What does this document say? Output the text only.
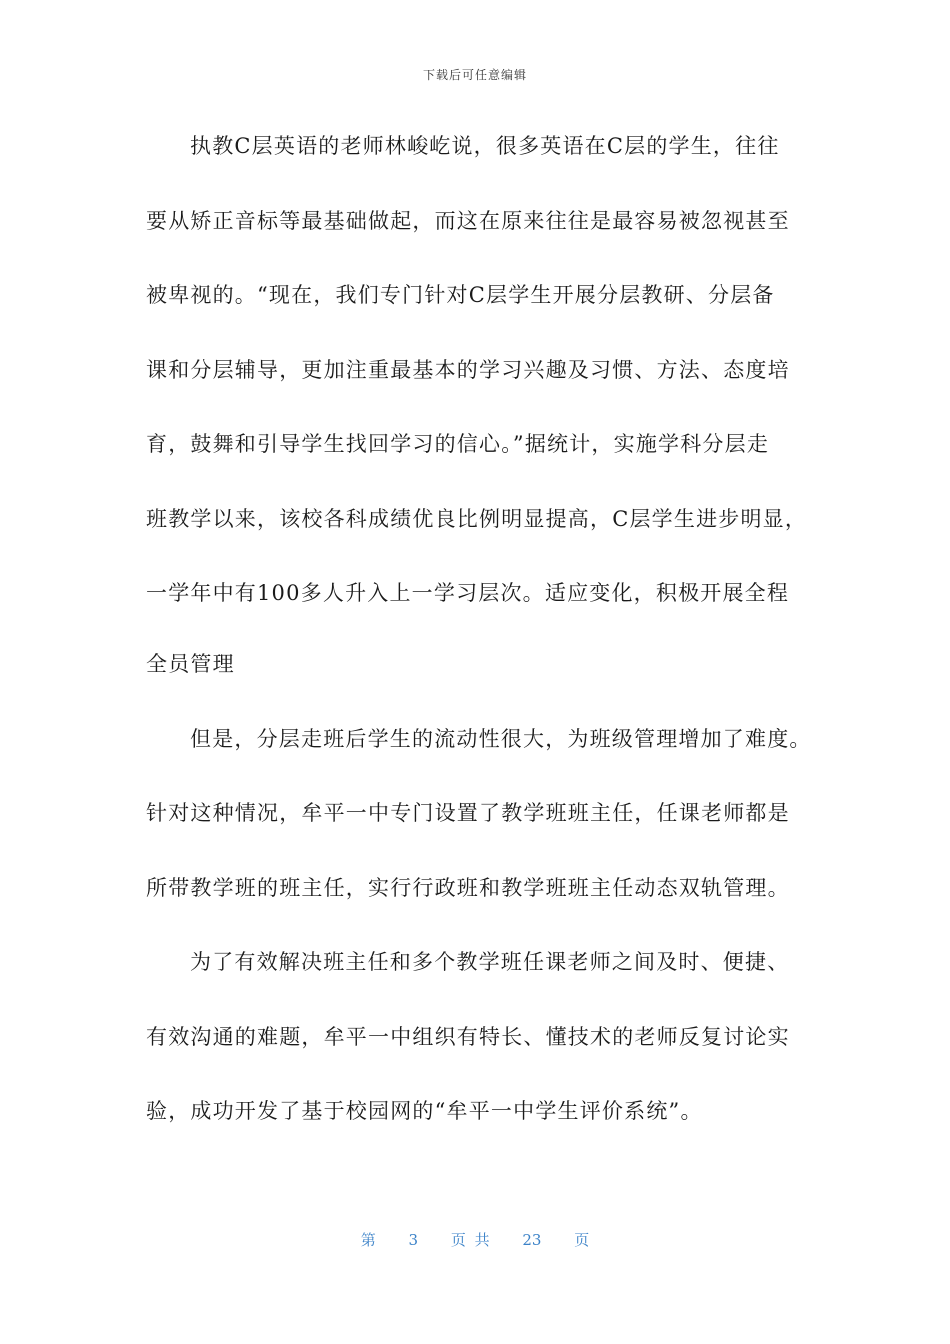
下载后可任意编辑
执教C层英语的老师林峻屹说，很多英语在C层的学生，往往
要从矫正音标等最基础做起，而这在原来往往是最容易被忽视甚至
被卑视的。“现在，我们专门针对C层学生开展分层教研、分层备
课和分层辅导，更加注重最基本的学习兴趣及习惯、方法、态度培
育，鼓舞和引导学生找回学习的信心。”据统计，实施学科分层走
班教学以来，该校各科成绩优良比例明显提高，C层学生进步明显，
一学年中有100多人升入上一学习层次。适应变化，积极开展全程
全员管理
但是，分层走班后学生的流动性很大，为班级管理增加了难度。
针对这种情况，牟平一中专门设置了教学班班主任，任课老师都是
所带教学班的班主任，实行行政班和教学班班主任动态双轨管理。
为了有效解决班主任和多个教学班任课老师之间及时、便捷、
有效沟通的难题，牟平一中组织有特长、懂技术的老师反复讨论实
验，成功开发了基于校园网的“牟平一中学生评价系统”。
第 3 页 共 23 页
